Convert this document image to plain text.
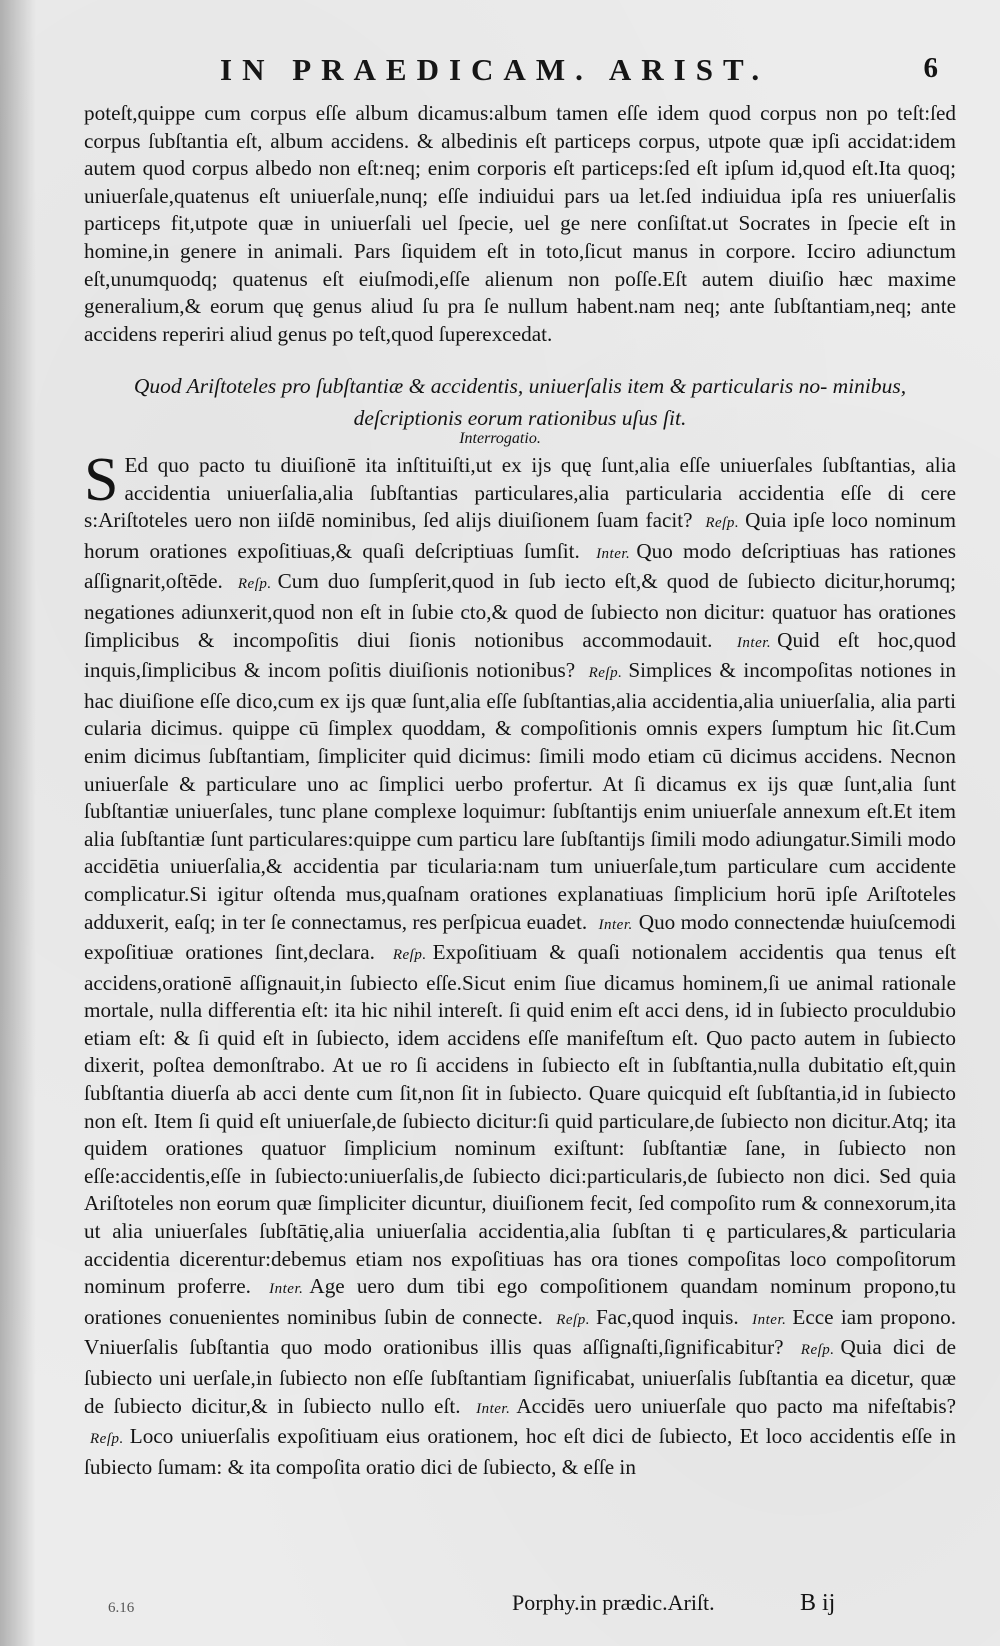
IN PRAEDICAM. ARIST.	6

poteſt,quippe cum corpus eſſe album dicamus:album tamen eſſe idem quod corpus non po teſt:ſed corpus ſubſtantia eſt, album accidens. & albedinis eſt particeps corpus, utpote quæ ipſi accidat:idem autem quod corpus albedo non eſt:neq; enim corporis eſt particeps:ſed eſt ipſum id,quod eſt.Ita quoq; uniuerſale,quatenus eſt uniuerſale,nunq; eſſe indiuidui pars ua let.ſed indiuidua ipſa res uniuerſalis particeps fit,utpote quæ in uniuerſali uel ſpecie, uel ge nere conſiſtat.ut Socrates in ſpecie eſt in homine,in genere in animali. Pars ſiquidem eſt in toto,ſicut manus in corpore. Icciro adiunctum eſt,unumquodq; quatenus eſt eiuſmodi,eſſe alienum non poſſe.Eſt autem diuiſio hæc maxime generalium,& eorum quę genus aliud ſu pra ſe nullum habent.nam neq; ante ſubſtantiam,neq; ante accidens reperiri aliud genus po teſt,quod ſuperexcedat.

Quod Ariſtoteles pro ſubſtantiæ & accidentis, uniuerſalis item & particularis no- minibus, deſcriptionis eorum rationibus uſus ſit.
Interrogatio.

S Ed quo pacto tu diuiſionē ita inſtituiſti,ut ex ijs quę ſunt,alia eſſe uniuerſales ſubſtantias, alia accidentia uniuerſalia,alia ſubſtantias particulares,alia particularia accidentia eſſe di cere s:Ariſtoteles uero non iiſdē nominibus, ſed alijs diuiſionem ſuam facit? Reſp. Quia ipſe loco nominum horum orationes expoſitiuas,& quaſi deſcriptiuas ſumſit. Inter. Quo modo deſcriptiuas has rationes aſſignarit,oſtēde. Reſp. Cum duo ſumpſerit,quod in ſub iecto eſt,& quod de ſubiecto dicitur,horumq; negationes adiunxerit,quod non eſt in ſubie cto,& quod de ſubiecto non dicitur: quatuor has orationes ſimplicibus & incompoſitis diui ſionis notionibus accommodauit. Inter. Quid eſt hoc,quod inquis,ſimplicibus & incom poſitis diuiſionis notionibus? Reſp. Simplices & incompoſitas notiones in hac diuiſione eſſe dico,cum ex ijs quæ ſunt,alia eſſe ſubſtantias,alia accidentia,alia uniuerſalia, alia parti cularia dicimus. quippe cū ſimplex quoddam, & compoſitionis omnis expers ſumptum hic ſit.Cum enim dicimus ſubſtantiam, ſimpliciter quid dicimus: ſimili modo etiam cū dicimus accidens. Necnon uniuerſale & particulare uno ac ſimplici uerbo profertur. At ſi dicamus ex ijs quæ ſunt,alia ſunt ſubſtantiæ uniuerſales, tunc plane complexe loquimur: ſubſtantijs enim uniuerſale annexum eſt.Et item alia ſubſtantiæ ſunt particulares:quippe cum particu lare ſubſtantijs ſimili modo adiungatur.Simili modo accidētia uniuerſalia,& accidentia par ticularia:nam tum uniuerſale,tum particulare cum accidente complicatur.Si igitur oſtenda mus,quaſnam orationes explanatiuas ſimplicium horū ipſe Ariſtoteles adduxerit, eaſq; in ter ſe connectamus, res perſpicua euadet. Inter. Quo modo connectendæ huiuſcemodi expoſitiuæ orationes ſint,declara. Reſp. Expoſitiuam & quaſi notionalem accidentis qua tenus eſt accidens,orationē aſſignauit,in ſubiecto eſſe.Sicut enim ſiue dicamus hominem,ſi ue animal rationale mortale, nulla differentia eſt: ita hic nihil intereſt. ſi quid enim eſt acci dens, id in ſubiecto proculdubio etiam eſt: & ſi quid eſt in ſubiecto, idem accidens eſſe manifeſtum eſt. Quo pacto autem in ſubiecto dixerit, poſtea demonſtrabo. At ue ro ſi accidens in ſubiecto eſt in ſubſtantia,nulla dubitatio eſt,quin ſubſtantia diuerſa ab acci dente cum ſit,non ſit in ſubiecto. Quare quicquid eſt ſubſtantia,id in ſubiecto non eſt. Item ſi quid eſt uniuerſale,de ſubiecto dicitur:ſi quid particulare,de ſubiecto non dicitur.Atq; ita quidem orationes quatuor ſimplicium nominum exiſtunt: ſubſtantiæ ſane, in ſubiecto non eſſe:accidentis,eſſe in ſubiecto:uniuerſalis,de ſubiecto dici:particularis,de ſubiecto non dici. Sed quia Ariſtoteles non eorum quæ ſimpliciter dicuntur, diuiſionem fecit, ſed compoſito rum & connexorum,ita ut alia uniuerſales ſubſtātię,alia uniuerſalia accidentia,alia ſubſtan ti ę particulares,& particularia accidentia dicerentur:debemus etiam nos expoſitiuas has ora tiones compoſitas loco compoſitorum nominum proferre. Inter. Age uero dum tibi ego compoſitionem quandam nominum propono,tu orationes conuenientes nominibus ſubin de connecte. Reſp. Fac,quod inquis. Inter. Ecce iam propono. Vniuerſalis ſubſtantia quo modo orationibus illis quas aſſignaſti,ſignificabitur? Reſp. Quia dici de ſubiecto uni uerſale,in ſubiecto non eſſe ſubſtantiam ſignificabat, uniuerſalis ſubſtantia ea dicetur, quæ de ſubiecto dicitur,& in ſubiecto nullo eſt. Inter. Accidēs uero uniuerſale quo pacto ma nifeſtabis? Reſp. Loco uniuerſalis expoſitiuam eius orationem, hoc eſt dici de ſubiecto, Et loco accidentis eſſe in ſubiecto ſumam: & ita compoſita oratio dici de ſubiecto, & eſſe in

6.16	Porphy.in prædic.Ariſt.	B ij
